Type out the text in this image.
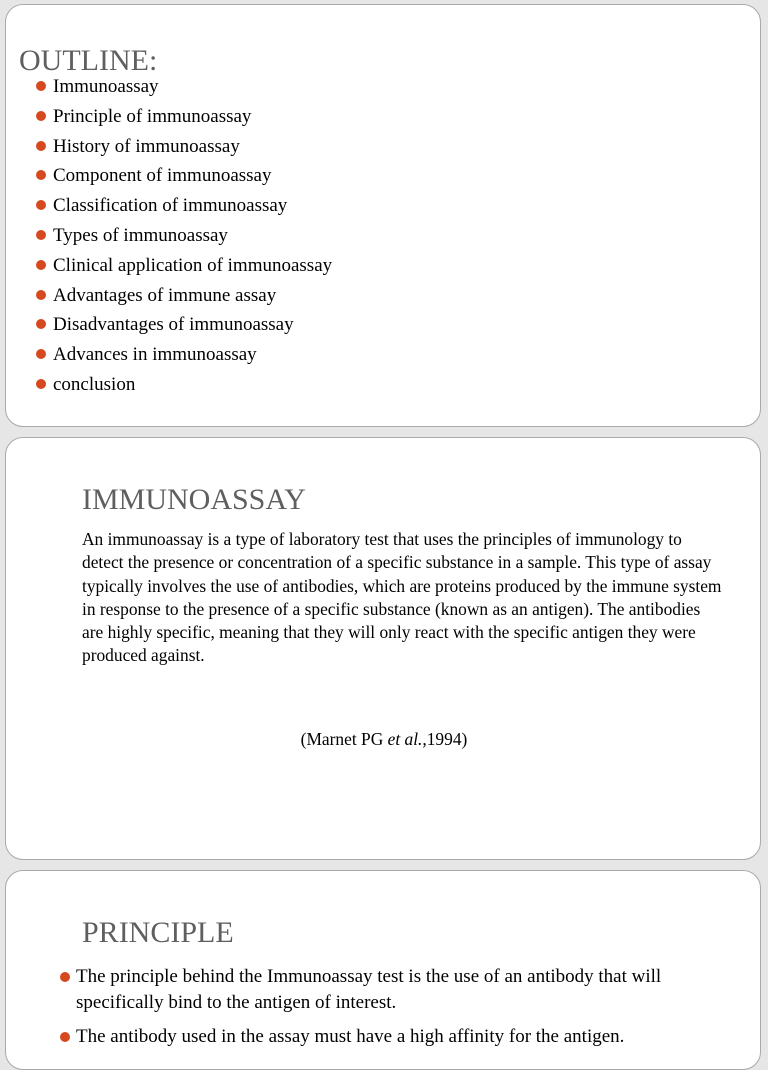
OUTLINE:
Immunoassay
Principle of immunoassay
History of immunoassay
Component of immunoassay
Classification of immunoassay
Types of immunoassay
Clinical application of immunoassay
Advantages of immune assay
Disadvantages of immunoassay
Advances in immunoassay
conclusion
IMMUNOASSAY

An immunoassay is a type of laboratory test that uses the principles of immunology to detect the presence or concentration of a specific substance in a sample. This type of assay typically involves the use of antibodies, which are proteins produced by the immune system in response to the presence of a specific substance (known as an antigen). The antibodies are highly specific, meaning that they will only react with the specific antigen they were produced against.

(Marnet PG et al.,1994)

PRINCIPLE
The principle behind the Immunoassay test is the use of an antibody that will specifically bind to the antigen of interest.
The antibody used in the assay must have a high affinity for the antigen.
